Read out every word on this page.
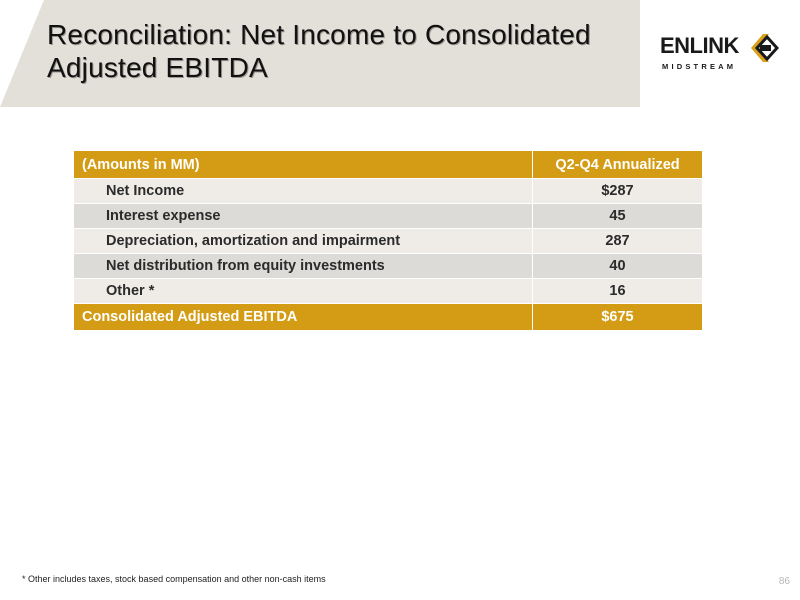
Reconciliation: Net Income to Consolidated
Adjusted EBITDA
ENLINK
MIDSTREAM
(Amounts in MM)	Q2-Q4 Annualized
Net Income	$287
Interest expense	45
Depreciation, amortization and impairment	287
Net distribution from equity investments	40
Other *	16
Consolidated Adjusted EBITDA	$675
* Other includes taxes, stock based compensation and other non-cash items	86
